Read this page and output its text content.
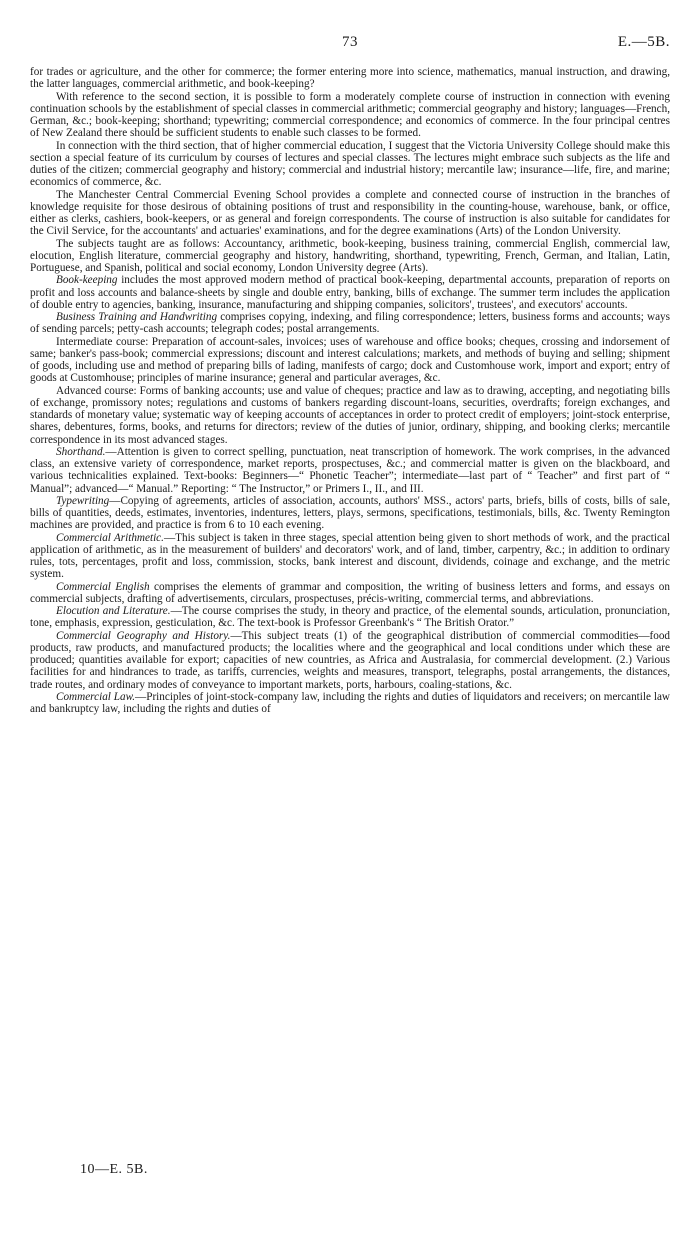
73	E.—5B.

for trades or agriculture, and the other for commerce; the former entering more into science, mathematics, manual instruction, and drawing, the latter languages, commercial arithmetic, and book-keeping?

With reference to the second section, it is possible to form a moderately complete course of instruction in connection with evening continuation schools by the establishment of special classes in commercial arithmetic; commercial geography and history; languages—French, German, &c.; book-keeping; shorthand; typewriting; commercial correspondence; and economics of commerce. In the four principal centres of New Zealand there should be sufficient students to enable such classes to be formed.

In connection with the third section, that of higher commercial education, I suggest that the Victoria University College should make this section a special feature of its curriculum by courses of lectures and special classes. The lectures might embrace such subjects as the life and duties of the citizen; commercial geography and history; commercial and industrial history; mercantile law; insurance—life, fire, and marine; economics of commerce, &c.

The Manchester Central Commercial Evening School provides a complete and connected course of instruction in the branches of knowledge requisite for those desirous of obtaining positions of trust and responsibility in the counting-house, warehouse, bank, or office, either as clerks, cashiers, book-keepers, or as general and foreign correspondents. The course of instruction is also suitable for candidates for the Civil Service, for the accountants' and actuaries' examinations, and for the degree examinations (Arts) of the London University.

The subjects taught are as follows: Accountancy, arithmetic, book-keeping, business training, commercial English, commercial law, elocution, English literature, commercial geography and history, handwriting, shorthand, typewriting, French, German, and Italian, Latin, Portuguese, and Spanish, political and social economy, London University degree (Arts).

Book-keeping includes the most approved modern method of practical book-keeping, departmental accounts, preparation of reports on profit and loss accounts and balance-sheets by single and double entry, banking, bills of exchange. The summer term includes the application of double entry to agencies, banking, insurance, manufacturing and shipping companies, solicitors', trustees', and executors' accounts.

Business Training and Handwriting comprises copying, indexing, and filing correspondence; letters, business forms and accounts; ways of sending parcels; petty-cash accounts; telegraph codes; postal arrangements.

Intermediate course: Preparation of account-sales, invoices; uses of warehouse and office books; cheques, crossing and indorsement of same; banker's pass-book; commercial expressions; discount and interest calculations; markets, and methods of buying and selling; shipment of goods, including use and method of preparing bills of lading, manifests of cargo; dock and Customhouse work, import and export; entry of goods at Customhouse; principles of marine insurance; general and particular averages, &c.

Advanced course: Forms of banking accounts; use and value of cheques; practice and law as to drawing, accepting, and negotiating bills of exchange, promissory notes; regulations and customs of bankers regarding discount-loans, securities, overdrafts; foreign exchanges, and standards of monetary value; systematic way of keeping accounts of acceptances in order to protect credit of employers; joint-stock enterprise, shares, debentures, forms, books, and returns for directors; review of the duties of junior, ordinary, shipping, and booking clerks; mercantile correspondence in its most advanced stages.

Shorthand.—Attention is given to correct spelling, punctuation, neat transcription of homework. The work comprises, in the advanced class, an extensive variety of correspondence, market reports, prospectuses, &c.; and commercial matter is given on the blackboard, and various technicalities explained. Text-books: Beginners—“ Phonetic Teacher”; intermediate—last part of “ Teacher” and first part of “ Manual”; advanced—“ Manual.” Reporting: “ The Instructor,” or Primers I., II., and III.

Typewriting—Copying of agreements, articles of association, accounts, authors' MSS., actors' parts, briefs, bills of costs, bills of sale, bills of quantities, deeds, estimates, inventories, indentures, letters, plays, sermons, specifications, testimonials, bills, &c. Twenty Remington machines are provided, and practice is from 6 to 10 each evening.

Commercial Arithmetic.—This subject is taken in three stages, special attention being given to short methods of work, and the practical application of arithmetic, as in the measurement of builders' and decorators' work, and of land, timber, carpentry, &c.; in addition to ordinary rules, tots, percentages, profit and loss, commission, stocks, bank interest and discount, dividends, coinage and exchange, and the metric system.

Commercial English comprises the elements of grammar and composition, the writing of business letters and forms, and essays on commercial subjects, drafting of advertisements, circulars, prospectuses, précis-writing, commercial terms, and abbreviations.

Elocution and Literature.—The course comprises the study, in theory and practice, of the elemental sounds, articulation, pronunciation, tone, emphasis, expression, gesticulation, &c. The text-book is Professor Greenbank's “ The British Orator.”

Commercial Geography and History.—This subject treats (1) of the geographical distribution of commercial commodities—food products, raw products, and manufactured products; the localities where and the geographical and local conditions under which these are produced; quantities available for export; capacities of new countries, as Africa and Australasia, for commercial development. (2.) Various facilities for and hindrances to trade, as tariffs, currencies, weights and measures, transport, telegraphs, postal arrangements, the distances, trade routes, and ordinary modes of conveyance to important markets, ports, harbours, coaling-stations, &c.

Commercial Law.—Principles of joint-stock-company law, including the rights and duties of liquidators and receivers; on mercantile law and bankruptcy law, including the rights and duties of

10—E. 5B.
